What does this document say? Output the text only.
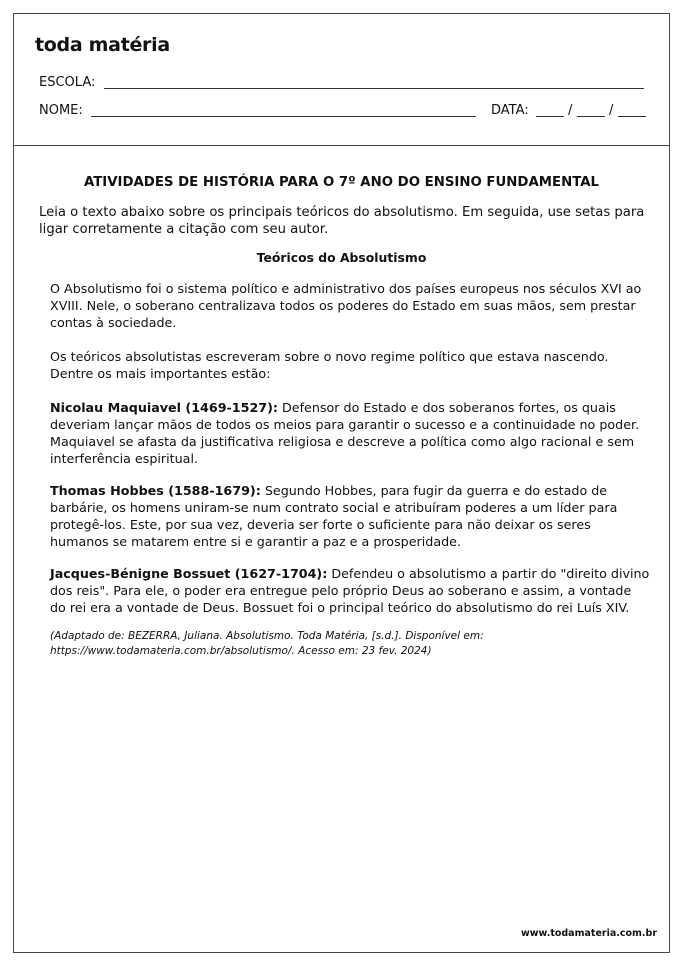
toda matéria
ESCOLA:
NOME:	DATA:	/	/
ATIVIDADES DE HISTÓRIA PARA O 7º ANO DO ENSINO FUNDAMENTAL
Leia o texto abaixo sobre os principais teóricos do absolutismo. Em seguida, use setas para ligar corretamente a citação com seu autor.
Teóricos do Absolutismo

O Absolutismo foi o sistema político e administrativo dos países europeus nos séculos XVI ao XVIII. Nele, o soberano centralizava todos os poderes do Estado em suas mãos, sem prestar contas à sociedade.

Os teóricos absolutistas escreveram sobre o novo regime político que estava nascendo. Dentre os mais importantes estão:

Nicolau Maquiavel (1469-1527): Defensor do Estado e dos soberanos fortes, os quais deveriam lançar mãos de todos os meios para garantir o sucesso e a continuidade no poder. Maquiavel se afasta da justificativa religiosa e descreve a política como algo racional e sem interferência espiritual.

Thomas Hobbes (1588-1679): Segundo Hobbes, para fugir da guerra e do estado de barbárie, os homens uniram-se num contrato social e atribuíram poderes a um líder para protegê-los. Este, por sua vez, deveria ser forte o suficiente para não deixar os seres humanos se matarem entre si e garantir a paz e a prosperidade.

Jacques-Bénigne Bossuet (1627-1704): Defendeu o absolutismo a partir do "direito divino dos reis". Para ele, o poder era entregue pelo próprio Deus ao soberano e assim, a vontade do rei era a vontade de Deus. Bossuet foi o principal teórico do absolutismo do rei Luís XIV.

(Adaptado de: BEZERRA, Juliana. Absolutismo. Toda Matéria, [s.d.]. Disponível em: https://www.todamateria.com.br/absolutismo/. Acesso em: 23 fev. 2024)
www.todamateria.com.br
